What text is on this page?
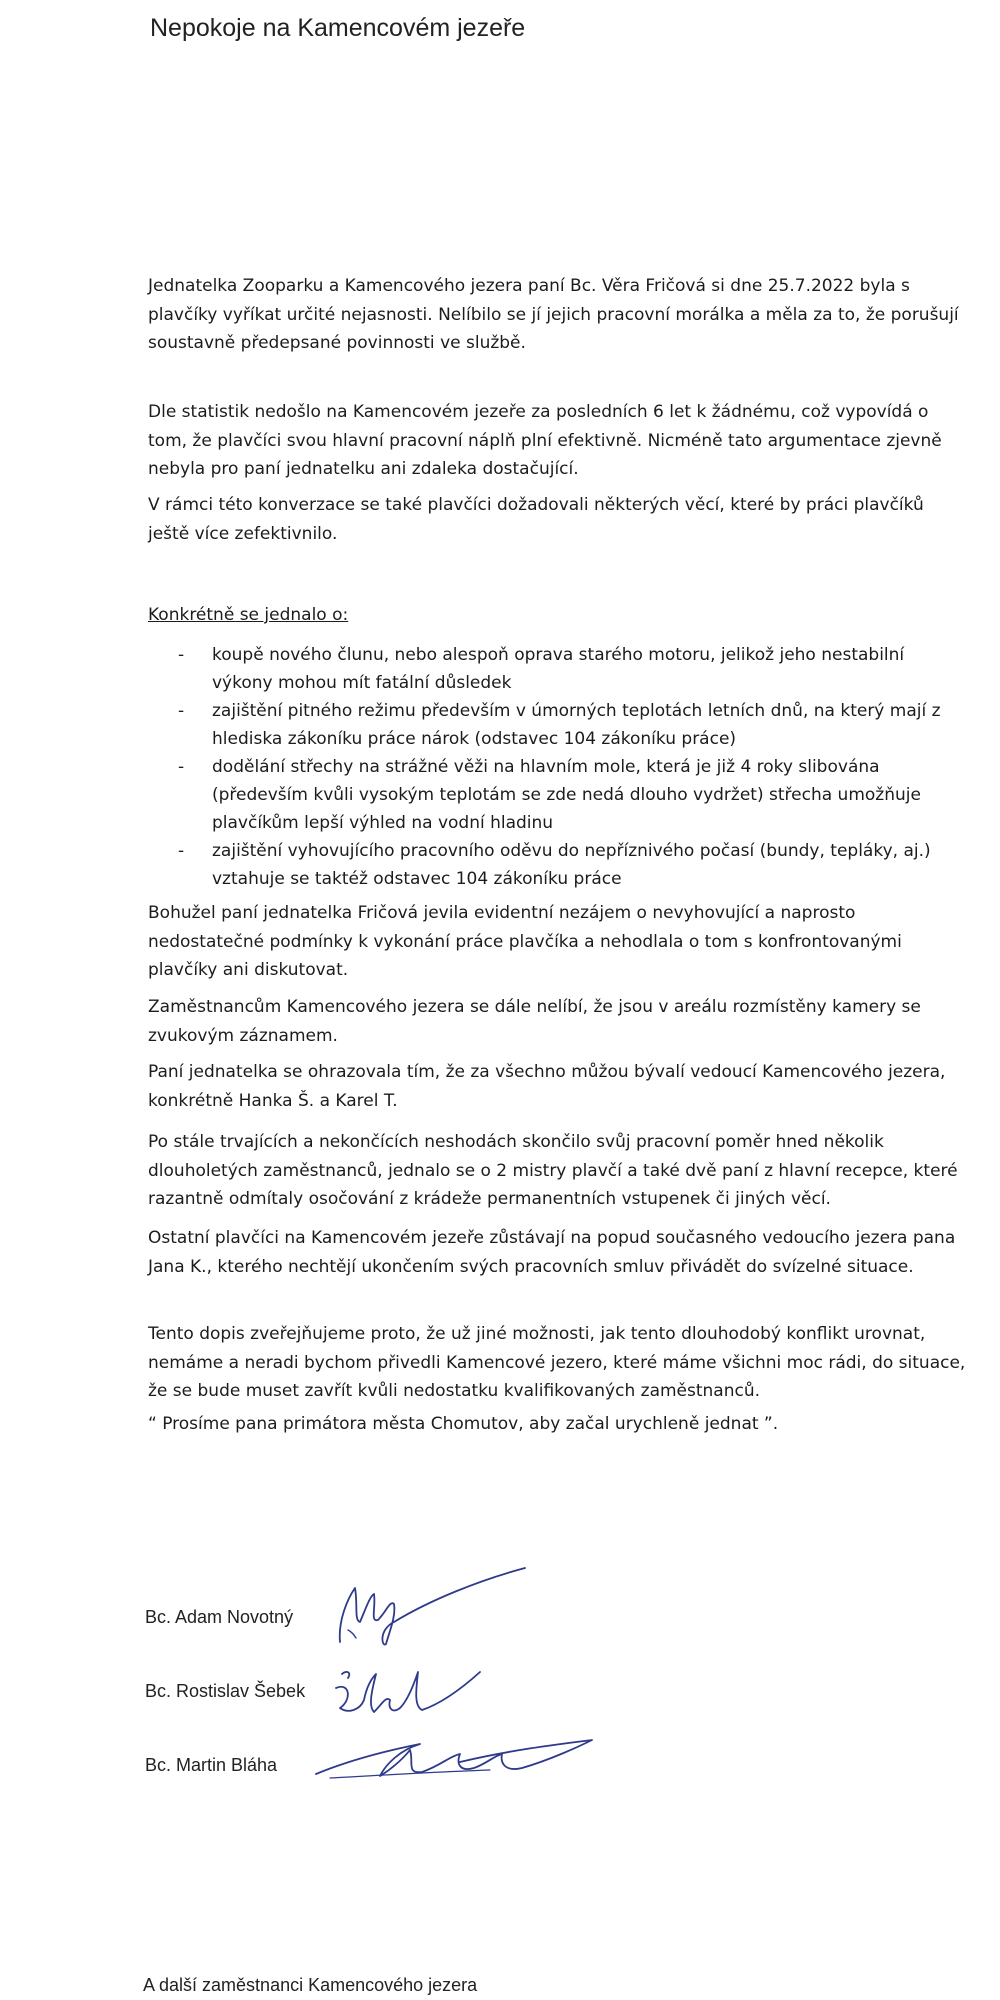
Nepokoje na Kamencovém jezeře

Jednatelka Zooparku a Kamencového jezera paní Bc. Věra Fričová si dne 25.7.2022 byla s plavčíky vyříkat určité nejasnosti. Nelíbilo se jí jejich pracovní morálka a měla za to, že porušují soustavně předepsané povinnosti ve službě.

Dle statistik nedošlo na Kamencovém jezeře za posledních 6 let k žádnému, což vypovídá o tom, že plavčíci svou hlavní pracovní náplň plní efektivně. Nicméně tato argumentace zjevně nebyla pro paní jednatelku ani zdaleka dostačující.

V rámci této konverzace se také plavčíci dožadovali některých věcí, které by práci plavčíků ještě více zefektivnilo.

Konkrétně se jednalo o:

- koupě nového člunu, nebo alespoň oprava starého motoru, jelikož jeho nestabilní výkony mohou mít fatální důsledek
- zajištění pitného režimu především v úmorných teplotách letních dnů, na který mají z hlediska zákoníku práce nárok (odstavec 104 zákoníku práce)
- dodělání střechy na strážné věži na hlavním mole, která je již 4 roky slibována (především kvůli vysokým teplotám se zde nedá dlouho vydržet) střecha umožňuje plavčíkům lepší výhled na vodní hladinu
- zajištění vyhovujícího pracovního oděvu do nepříznivého počasí (bundy, tepláky, aj.) vztahuje se taktéž odstavec 104 zákoníku práce

Bohužel paní jednatelka Fričová jevila evidentní nezájem o nevyhovující a naprosto nedostatečné podmínky k vykonání práce plavčíka a nehodlala o tom s konfrontovanými plavčíky ani diskutovat.

Zaměstnancům Kamencového jezera se dále nelíbí, že jsou v areálu rozmístěny kamery se zvukovým záznamem.

Paní jednatelka se ohrazovala tím, že za všechno můžou bývalí vedoucí Kamencového jezera, konkrétně Hanka Š. a Karel T.

Po stále trvajících a nekončících neshodách skončilo svůj pracovní poměr hned několik dlouholetých zaměstnanců, jednalo se o 2 mistry plavčí a také dvě paní z hlavní recepce, které razantně odmítaly osočování z krádeže permanentních vstupenek či jiných věcí.

Ostatní plavčíci na Kamencovém jezeře zůstávají na popud současného vedoucího jezera pana Jana K., kterého nechtějí ukončením svých pracovních smluv přivádět do svízelné situace.

Tento dopis zveřejňujeme proto, že už jiné možnosti, jak tento dlouhodobý konflikt urovnat, nemáme a neradi bychom přivedli Kamencové jezero, které máme všichni moc rádi, do situace, že se bude muset zavřít kvůli nedostatku kvalifikovaných zaměstnanců.

“ Prosíme pana primátora města Chomutov, aby začal urychleně jednat ”.

Bc. Adam Novotný

Bc. Rostislav Šebek

Bc. Martin Bláha

A další zaměstnanci Kamencového jezera
